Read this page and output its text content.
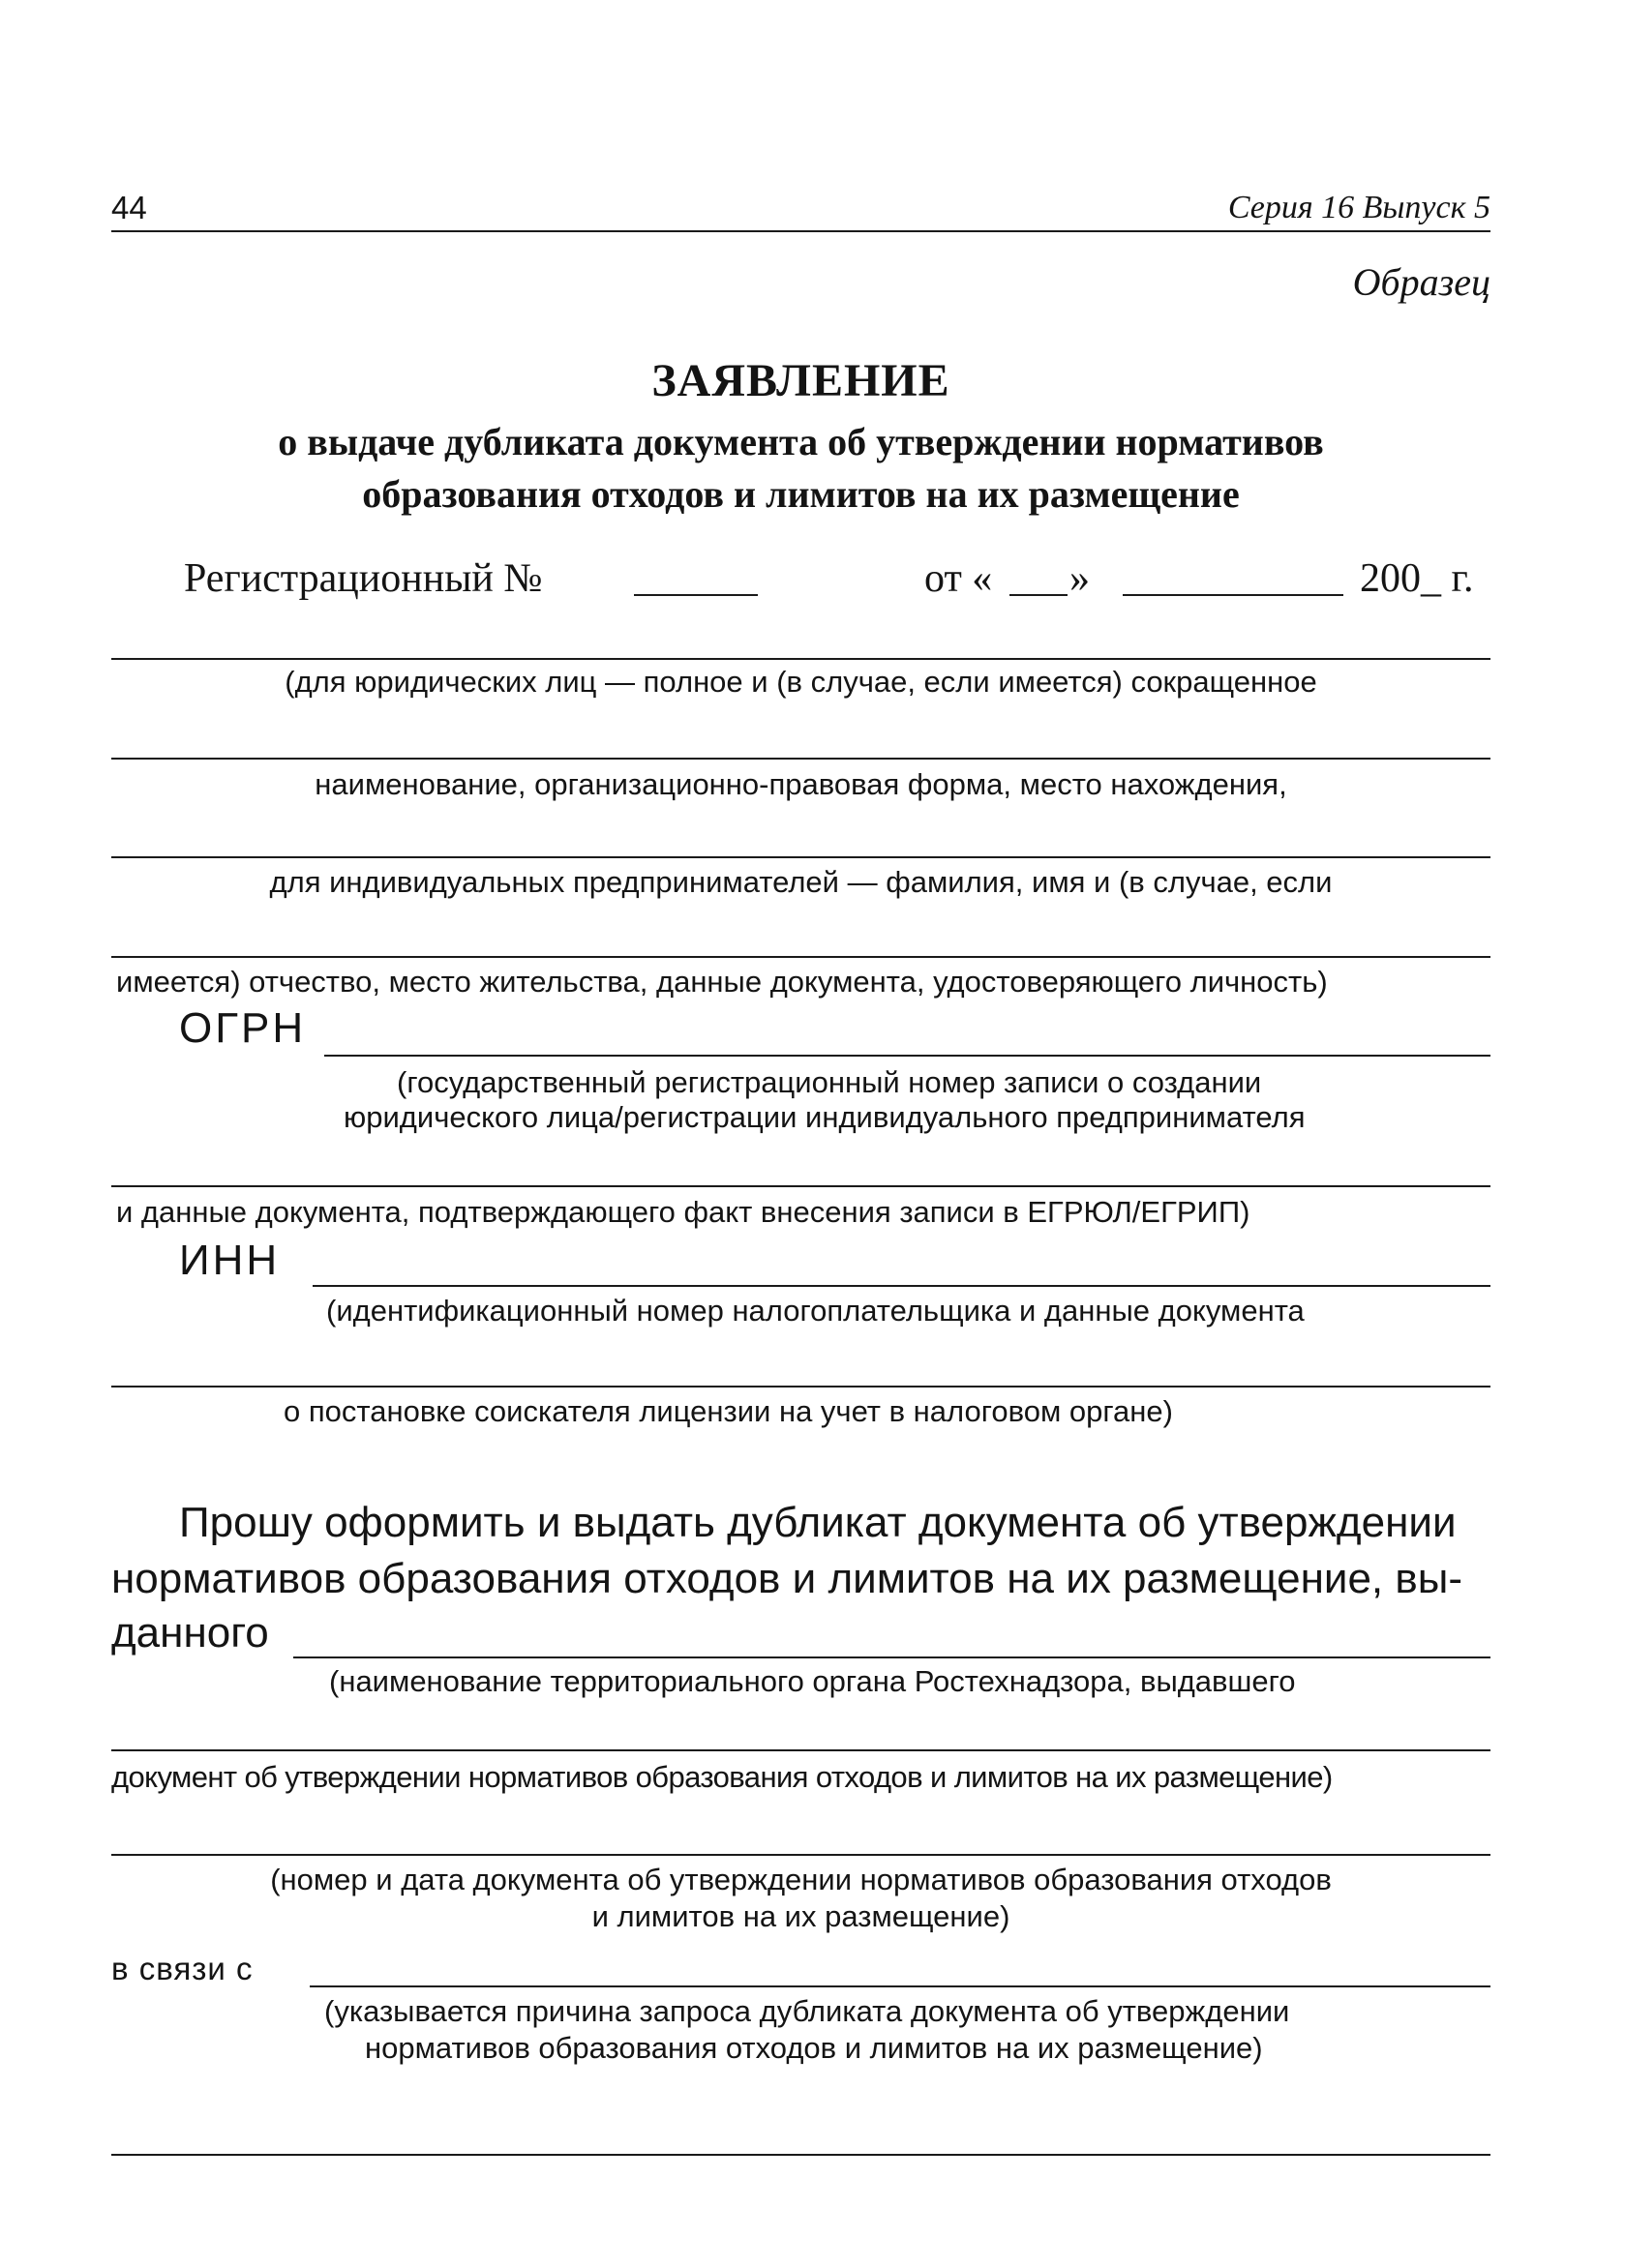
44	Серия 16 Выпуск 5
Образец
ЗАЯВЛЕНИЕ
о выдаче дубликата документа об утверждении нормативов
образования отходов и лимитов на их размещение
Регистрационный №	от « »	200_ г.
(для юридических лиц — полное и (в случае, если имеется) сокращенное
наименование, организационно-правовая форма, место нахождения,
для индивидуальных предпринимателей — фамилия, имя и (в случае, если
имеется) отчество, место жительства, данные документа, удостоверяющего личность)
ОГРН
(государственный регистрационный номер записи о создании
юридического лица/регистрации индивидуального предпринимателя
и данные документа, подтверждающего факт внесения записи в ЕГРЮЛ/ЕГРИП)
ИНН
(идентификационный номер налогоплательщика и данные документа
о постановке соискателя лицензии на учет в налоговом органе)
Прошу оформить и выдать дубликат документа об утверждении
нормативов образования отходов и лимитов на их размещение, вы-
данного
(наименование территориального органа Ростехнадзора, выдавшего
документ об утверждении нормативов образования отходов и лимитов на их размещение)
(номер и дата документа об утверждении нормативов образования отходов
и лимитов на их размещение)
в связи с
(указывается причина запроса дубликата документа об утверждении
нормативов образования отходов и лимитов на их размещение)
